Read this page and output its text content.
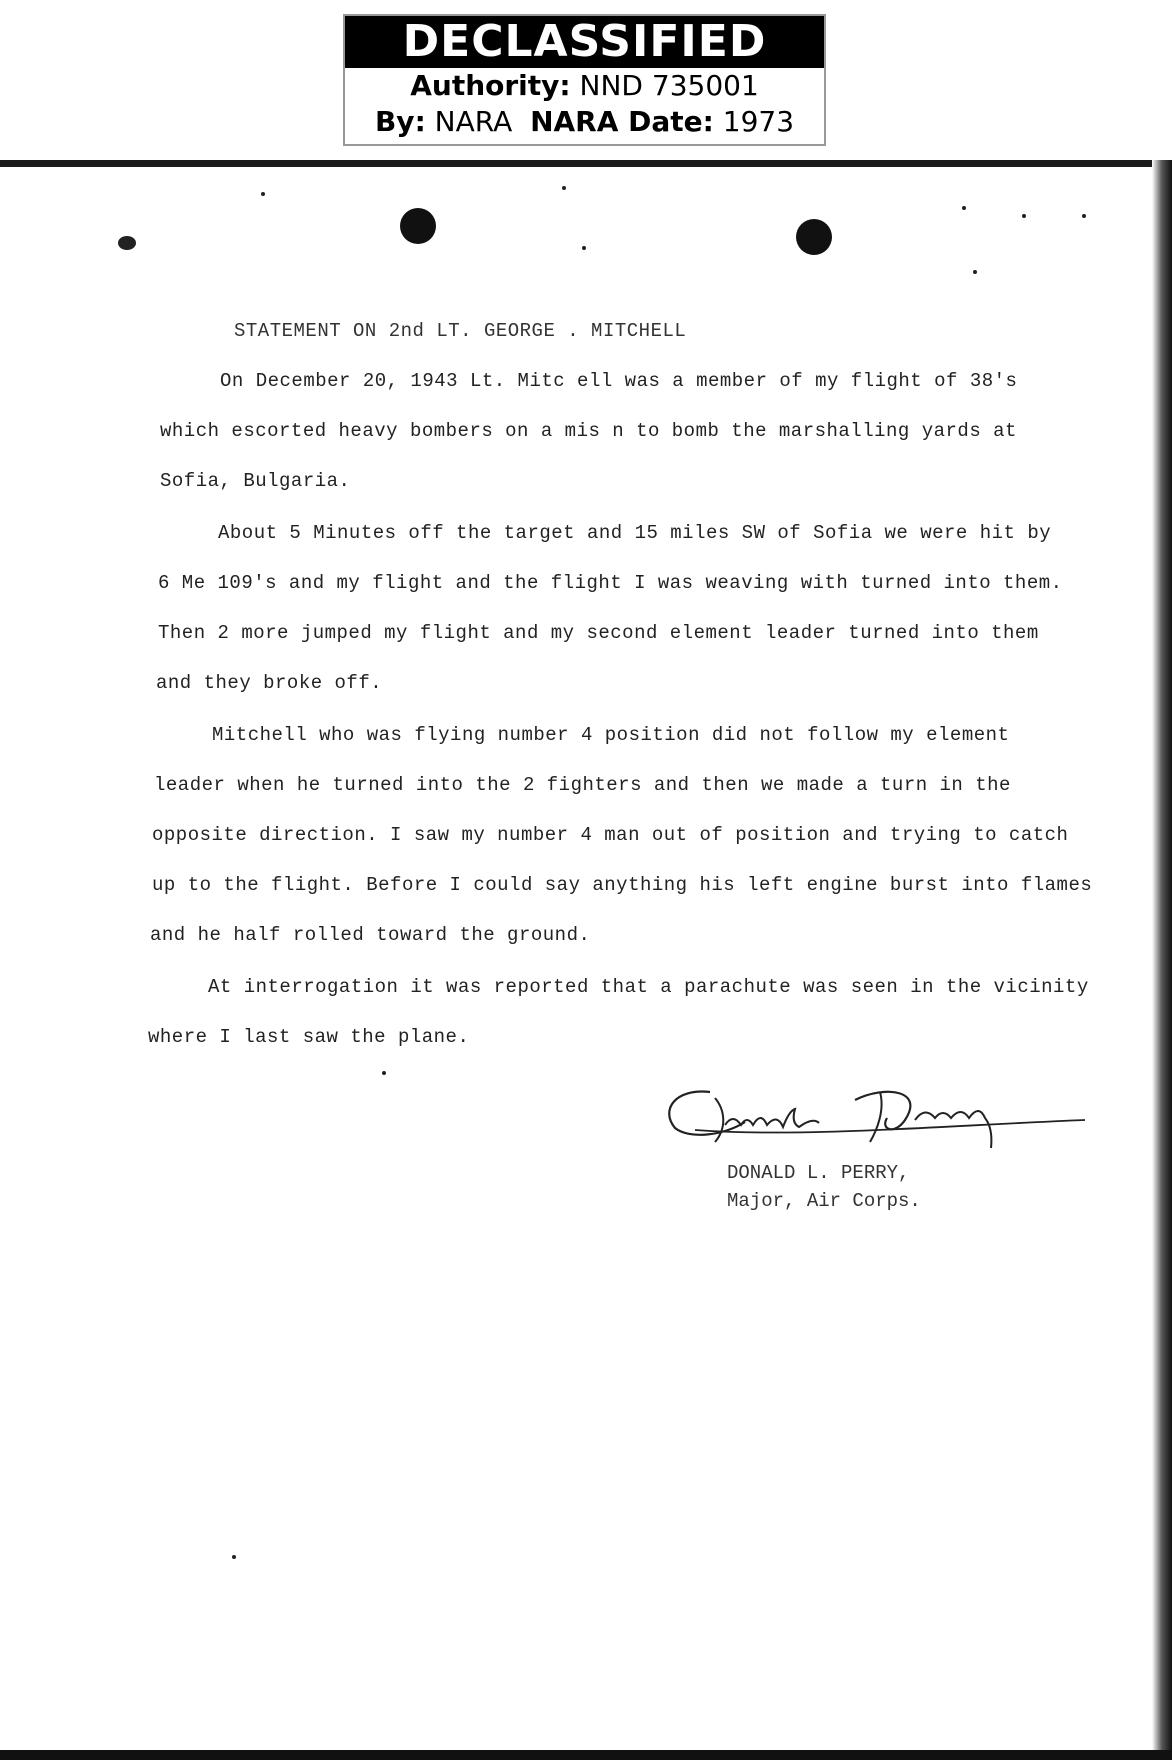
DECLASSIFIED
Authority: NND 735001
By: NARA NARA Date: 1973
STATEMENT ON 2nd LT. GEORGE . MITCHELL
On December 20, 1943 Lt. Mitc ell was a member of my flight of 38's
which escorted heavy bombers on a mis n to bomb the marshalling yards at
Sofia, Bulgaria.
About 5 Minutes off the target and 15 miles SW of Sofia we were hit by
6 Me 109's and my flight and the flight I was weaving with turned into them.
Then 2 more jumped my flight and my second element leader turned into them
and they broke off.
Mitchell who was flying number 4 position did not follow my element
leader when he turned into the 2 fighters and then we made a turn in the
opposite direction. I saw my number 4 man out of position and trying to catch
up to the flight. Before I could say anything his left engine burst into flames
and he half rolled toward the ground.
At interrogation it was reported that a parachute was seen in the vicinity
where I last saw the plane.
DONALD L. PERRY,
Major, Air Corps.
